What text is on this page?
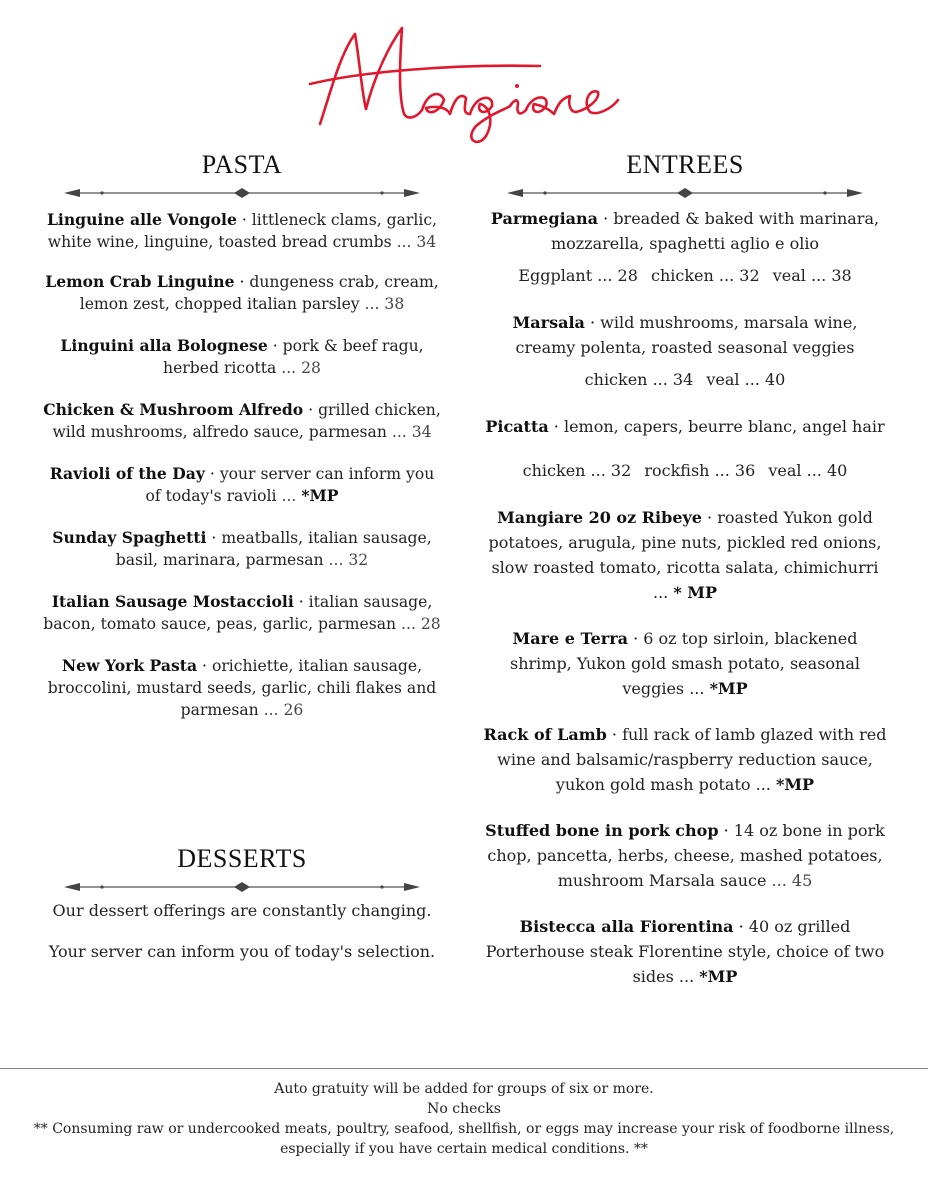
PASTA
Linguine alle Vongole · littleneck clams, garlic, white wine, linguine, toasted bread crumbs ... 34
Lemon Crab Linguine · dungeness crab, cream, lemon zest, chopped italian parsley ... 38
Linguini alla Bolognese · pork & beef ragu, herbed ricotta ... 28
Chicken & Mushroom Alfredo · grilled chicken, wild mushrooms, alfredo sauce, parmesan ... 34
Ravioli of the Day · your server can inform you of today's ravioli ... *MP
Sunday Spaghetti · meatballs, italian sausage, basil, marinara, parmesan ... 32
Italian Sausage Mostaccioli · italian sausage, bacon, tomato sauce, peas, garlic, parmesan ... 28
New York Pasta · orichiette, italian sausage, broccolini, mustard seeds, garlic, chili flakes and parmesan ... 26
DESSERTS

Our dessert offerings are constantly changing.

Your server can inform you of today's selection.

ENTREES
Parmegiana · breaded & baked with marinara, mozzarella, spaghetti aglio e olio
Eggplant ... 28 chicken ... 32 veal ... 38
Marsala · wild mushrooms, marsala wine, creamy polenta, roasted seasonal veggies
chicken ... 34 veal ... 40
Picatta · lemon, capers, beurre blanc, angel hair
chicken ... 32 rockfish ... 36 veal ... 40
Mangiare 20 oz Ribeye · roasted Yukon gold potatoes, arugula, pine nuts, pickled red onions, slow roasted tomato, ricotta salata, chimichurri ... * MP
Mare e Terra · 6 oz top sirloin, blackened shrimp, Yukon gold smash potato, seasonal veggies ... *MP
Rack of Lamb · full rack of lamb glazed with red wine and balsamic/raspberry reduction sauce, yukon gold mash potato ... *MP
Stuffed bone in pork chop · 14 oz bone in pork chop, pancetta, herbs, cheese, mashed potatoes, mushroom Marsala sauce ... 45
Bistecca alla Fiorentina · 40 oz grilled Porterhouse steak Florentine style, choice of two sides ... *MP
Auto gratuity will be added for groups of six or more.
No checks
** Consuming raw or undercooked meats, poultry, seafood, shellfish, or eggs may increase your risk of foodborne illness,
especially if you have certain medical conditions. **
